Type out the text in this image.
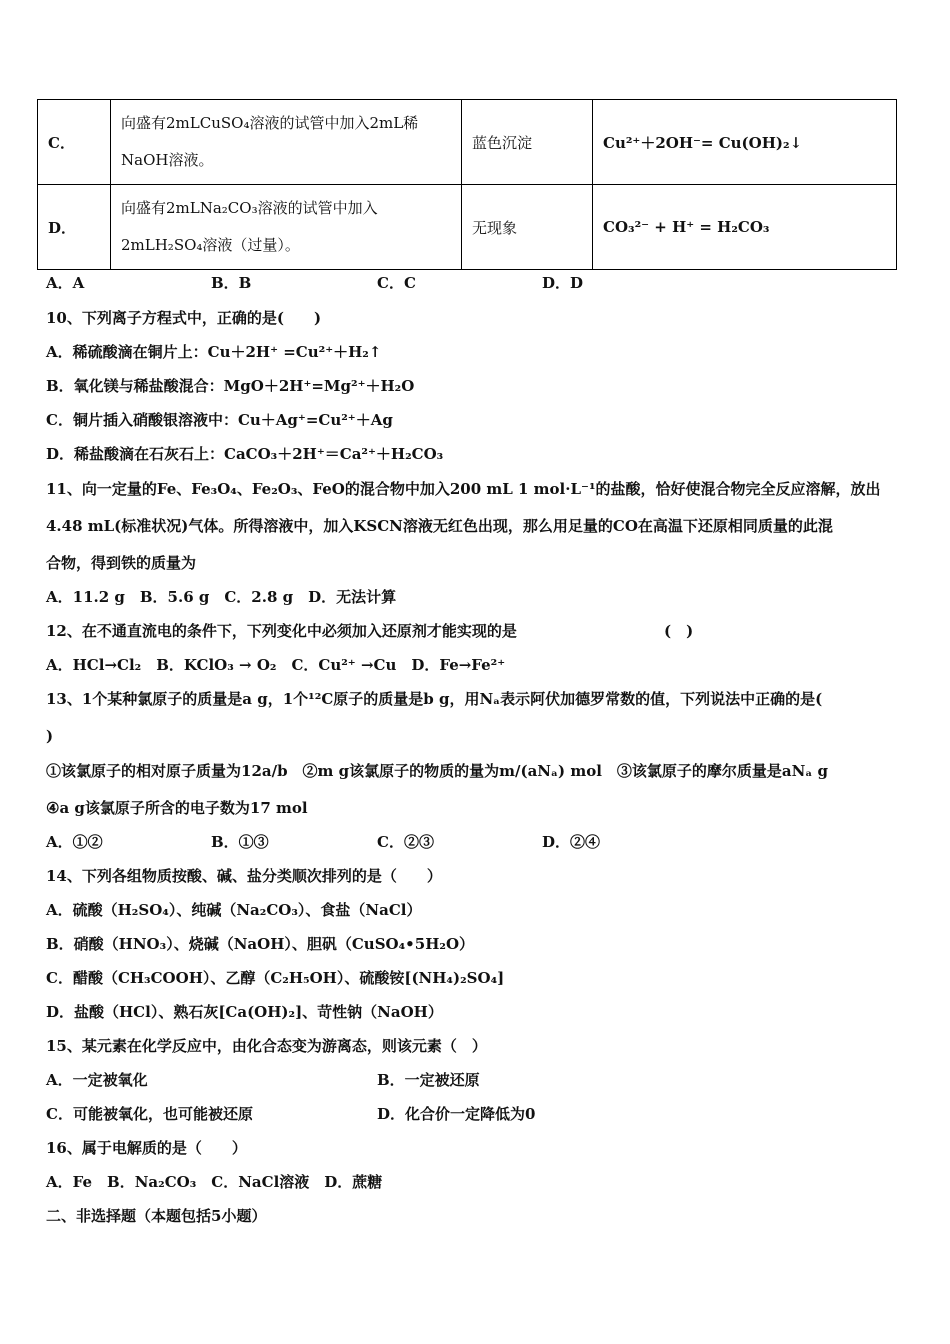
C．	向盛有2mLCuSO₄溶液的试管中加入2mL稀
NaOH溶液。	蓝色沉淀	Cu²⁺＋2OH⁻= Cu(OH)₂↓
D．	向盛有2mLNa₂CO₃溶液的试管中加入
2mLH₂SO₄溶液（过量）。	无现象	CO₃²⁻ + H⁺ = H₂CO₃
A．A	B．B	C．C	D．D
10、下列离子方程式中，正确的是(　　)
A．稀硫酸滴在铜片上：Cu＋2H⁺ =Cu²⁺＋H₂↑
B．氧化镁与稀盐酸混合：MgO＋2H⁺=Mg²⁺＋H₂O
C．铜片插入硝酸银溶液中：Cu＋Ag⁺=Cu²⁺＋Ag
D．稀盐酸滴在石灰石上：CaCO₃＋2H⁺＝Ca²⁺＋H₂CO₃
11、向一定量的Fe、Fe₃O₄、Fe₂O₃、FeO的混合物中加入200 mL 1 mol·L⁻¹的盐酸，恰好使混合物完全反应溶解，放出
4.48 mL(标准状况)气体。所得溶液中，加入KSCN溶液无红色出现，那么用足量的CO在高温下还原相同质量的此混
合物，得到铁的质量为
A．11.2 g　B．5.6 g　C．2.8 g　D．无法计算
12、在不通直流电的条件下，下列变化中必须加入还原剂才能实现的是	(　)
A．HCl→Cl₂　B．KClO₃ → O₂　C．Cu²⁺ →Cu　D．Fe→Fe²⁺
13、1个某种氯原子的质量是a g，1个¹²C原子的质量是b g，用Nₐ表示阿伏加德罗常数的值，下列说法中正确的是(
)
①该氯原子的相对原子质量为12a/b　②m g该氯原子的物质的量为m/(aNₐ) mol　③该氯原子的摩尔质量是aNₐ g
④a g该氯原子所含的电子数为17 mol
A．①②	B．①③	C．②③	D．②④
14、下列各组物质按酸、碱、盐分类顺次排列的是（　　）
A．硫酸（H₂SO₄）、纯碱（Na₂CO₃）、食盐（NaCl）
B．硝酸（HNO₃）、烧碱（NaOH）、胆矾（CuSO₄•5H₂O）
C．醋酸（CH₃COOH）、乙醇（C₂H₅OH）、硫酸铵[(NH₄)₂SO₄]
D．盐酸（HCl）、熟石灰[Ca(OH)₂]、苛性钠（NaOH）
15、某元素在化学反应中，由化合态变为游离态，则该元素（　）
A．一定被氧化	B．一定被还原
C．可能被氧化，也可能被还原	D．化合价一定降低为0
16、属于电解质的是（　　）
A．Fe　B．Na₂CO₃　C．NaCl溶液　D．蔗糖
二、非选择题（本题包括5小题）
